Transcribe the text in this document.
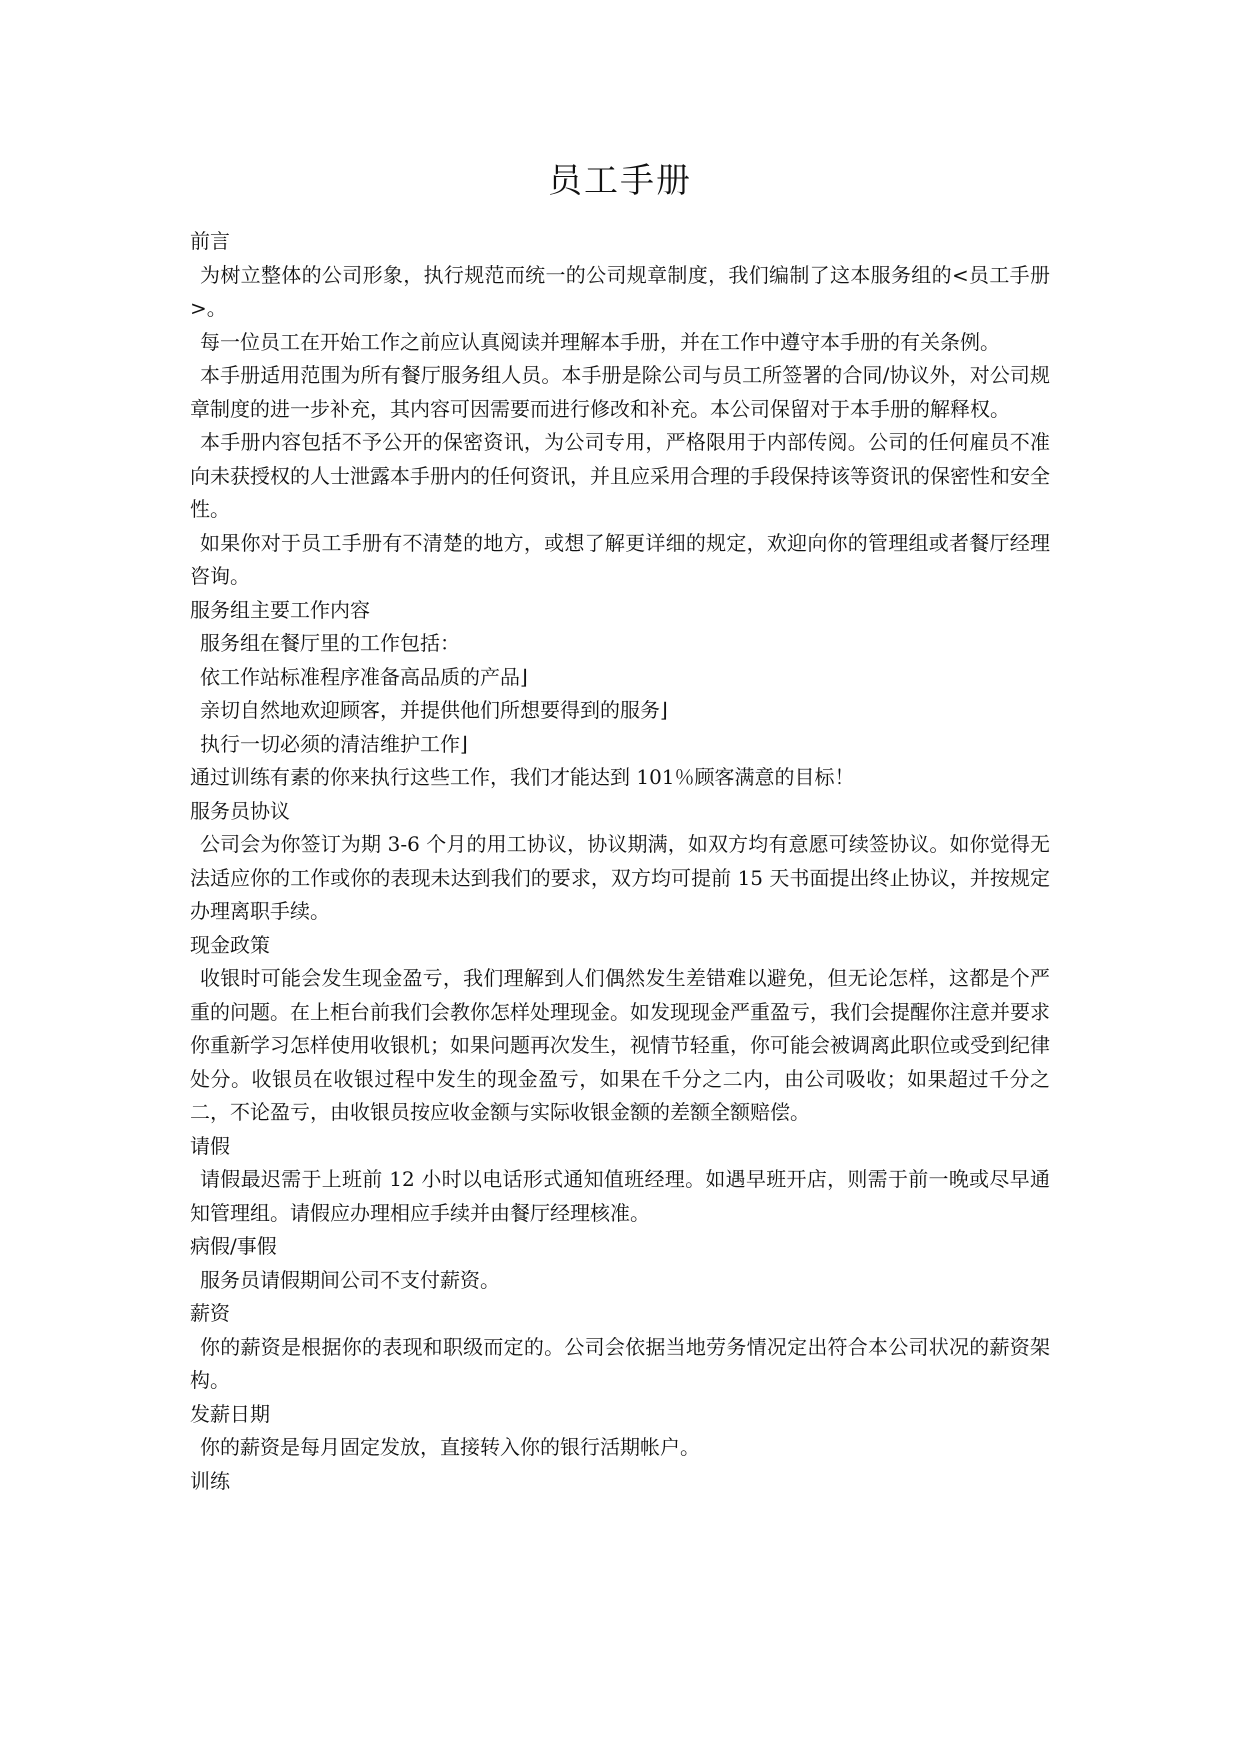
员工手册

前言

为树立整体的公司形象，执行规范而统一的公司规章制度，我们编制了这本服务组的<员工手册>。

每一位员工在开始工作之前应认真阅读并理解本手册，并在工作中遵守本手册的有关条例。

本手册适用范围为所有餐厅服务组人员。本手册是除公司与员工所签署的合同/协议外，对公司规章制度的进一步补充，其内容可因需要而进行修改和补充。本公司保留对于本手册的解释权。

本手册内容包括不予公开的保密资讯，为公司专用，严格限用于内部传阅。公司的任何雇员不准向未获授权的人士泄露本手册内的任何资讯，并且应采用合理的手段保持该等资讯的保密性和安全性。

如果你对于员工手册有不清楚的地方，或想了解更详细的规定，欢迎向你的管理组或者餐厅经理咨询。

服务组主要工作内容

服务组在餐厅里的工作包括：

依工作站标准程序准备高品质的产品⌋

亲切自然地欢迎顾客，并提供他们所想要得到的服务⌋

执行一切必须的清洁维护工作⌋

通过训练有素的你来执行这些工作，我们才能达到 101％顾客满意的目标！

服务员协议

公司会为你签订为期 3-6 个月的用工协议，协议期满，如双方均有意愿可续签协议。如你觉得无法适应你的工作或你的表现未达到我们的要求，双方均可提前 15 天书面提出终止协议，并按规定办理离职手续。

现金政策

收银时可能会发生现金盈亏，我们理解到人们偶然发生差错难以避免，但无论怎样，这都是个严重的问题。在上柜台前我们会教你怎样处理现金。如发现现金严重盈亏，我们会提醒你注意并要求你重新学习怎样使用收银机；如果问题再次发生，视情节轻重，你可能会被调离此职位或受到纪律处分。收银员在收银过程中发生的现金盈亏，如果在千分之二内，由公司吸收；如果超过千分之二，不论盈亏，由收银员按应收金额与实际收银金额的差额全额赔偿。

请假

请假最迟需于上班前 12 小时以电话形式通知值班经理。如遇早班开店，则需于前一晚或尽早通知管理组。请假应办理相应手续并由餐厅经理核准。

病假/事假

服务员请假期间公司不支付薪资。

薪资

你的薪资是根据你的表现和职级而定的。公司会依据当地劳务情况定出符合本公司状况的薪资架构。

发薪日期

你的薪资是每月固定发放，直接转入你的银行活期帐户。

训练
